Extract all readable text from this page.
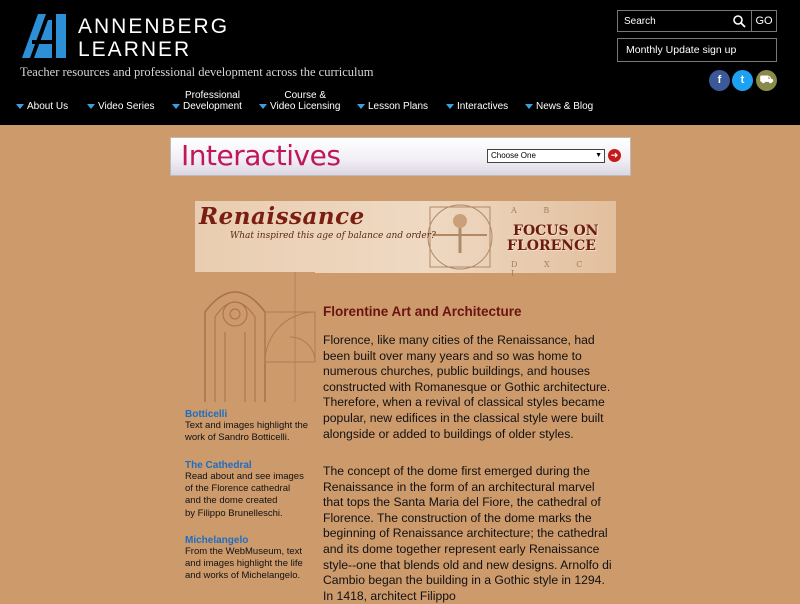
ANNENBERG
LEARNER
Teacher resources and professional development across the curriculum
Search
GO
Monthly Update sign up
f	t	⛟
About Us	Video Series
Professional
Development
Course &
Video Licensing	Lesson Plans	Interactives	News & Blog
Interactives	Choose One ▼	➜
Renaissance
What inspired this age of balance and order?
A B
FOCUS ON
FLORENCE
D X C I
Botticelli
Text and images highlight the
work of Sandro Botticelli.
The Cathedral
Read about and see images
of the Florence cathedral
and the dome created
by Filippo Brunelleschi.
Michelangelo
From the WebMuseum, text
and images highlight the life
and works of Michelangelo.
Florentine Art and Architecture
Florence, like many cities of the Renaissance, had been built over many years and so was home to numerous churches, public buildings, and houses constructed with Romanesque or Gothic architecture. Therefore, when a revival of classical styles became popular, new edifices in the classical style were built alongside or added to buildings of older styles.
The concept of the dome first emerged during the Renaissance in the form of an architectural marvel that tops the Santa Maria del Fiore, the cathedral of Florence. The construction of the dome marks the beginning of Renaissance architecture; the cathedral and its dome together represent early Renaissance style--one that blends old and new designs. Arnolfo di Cambio began the building in a Gothic style in 1294. In 1418, architect Filippo
